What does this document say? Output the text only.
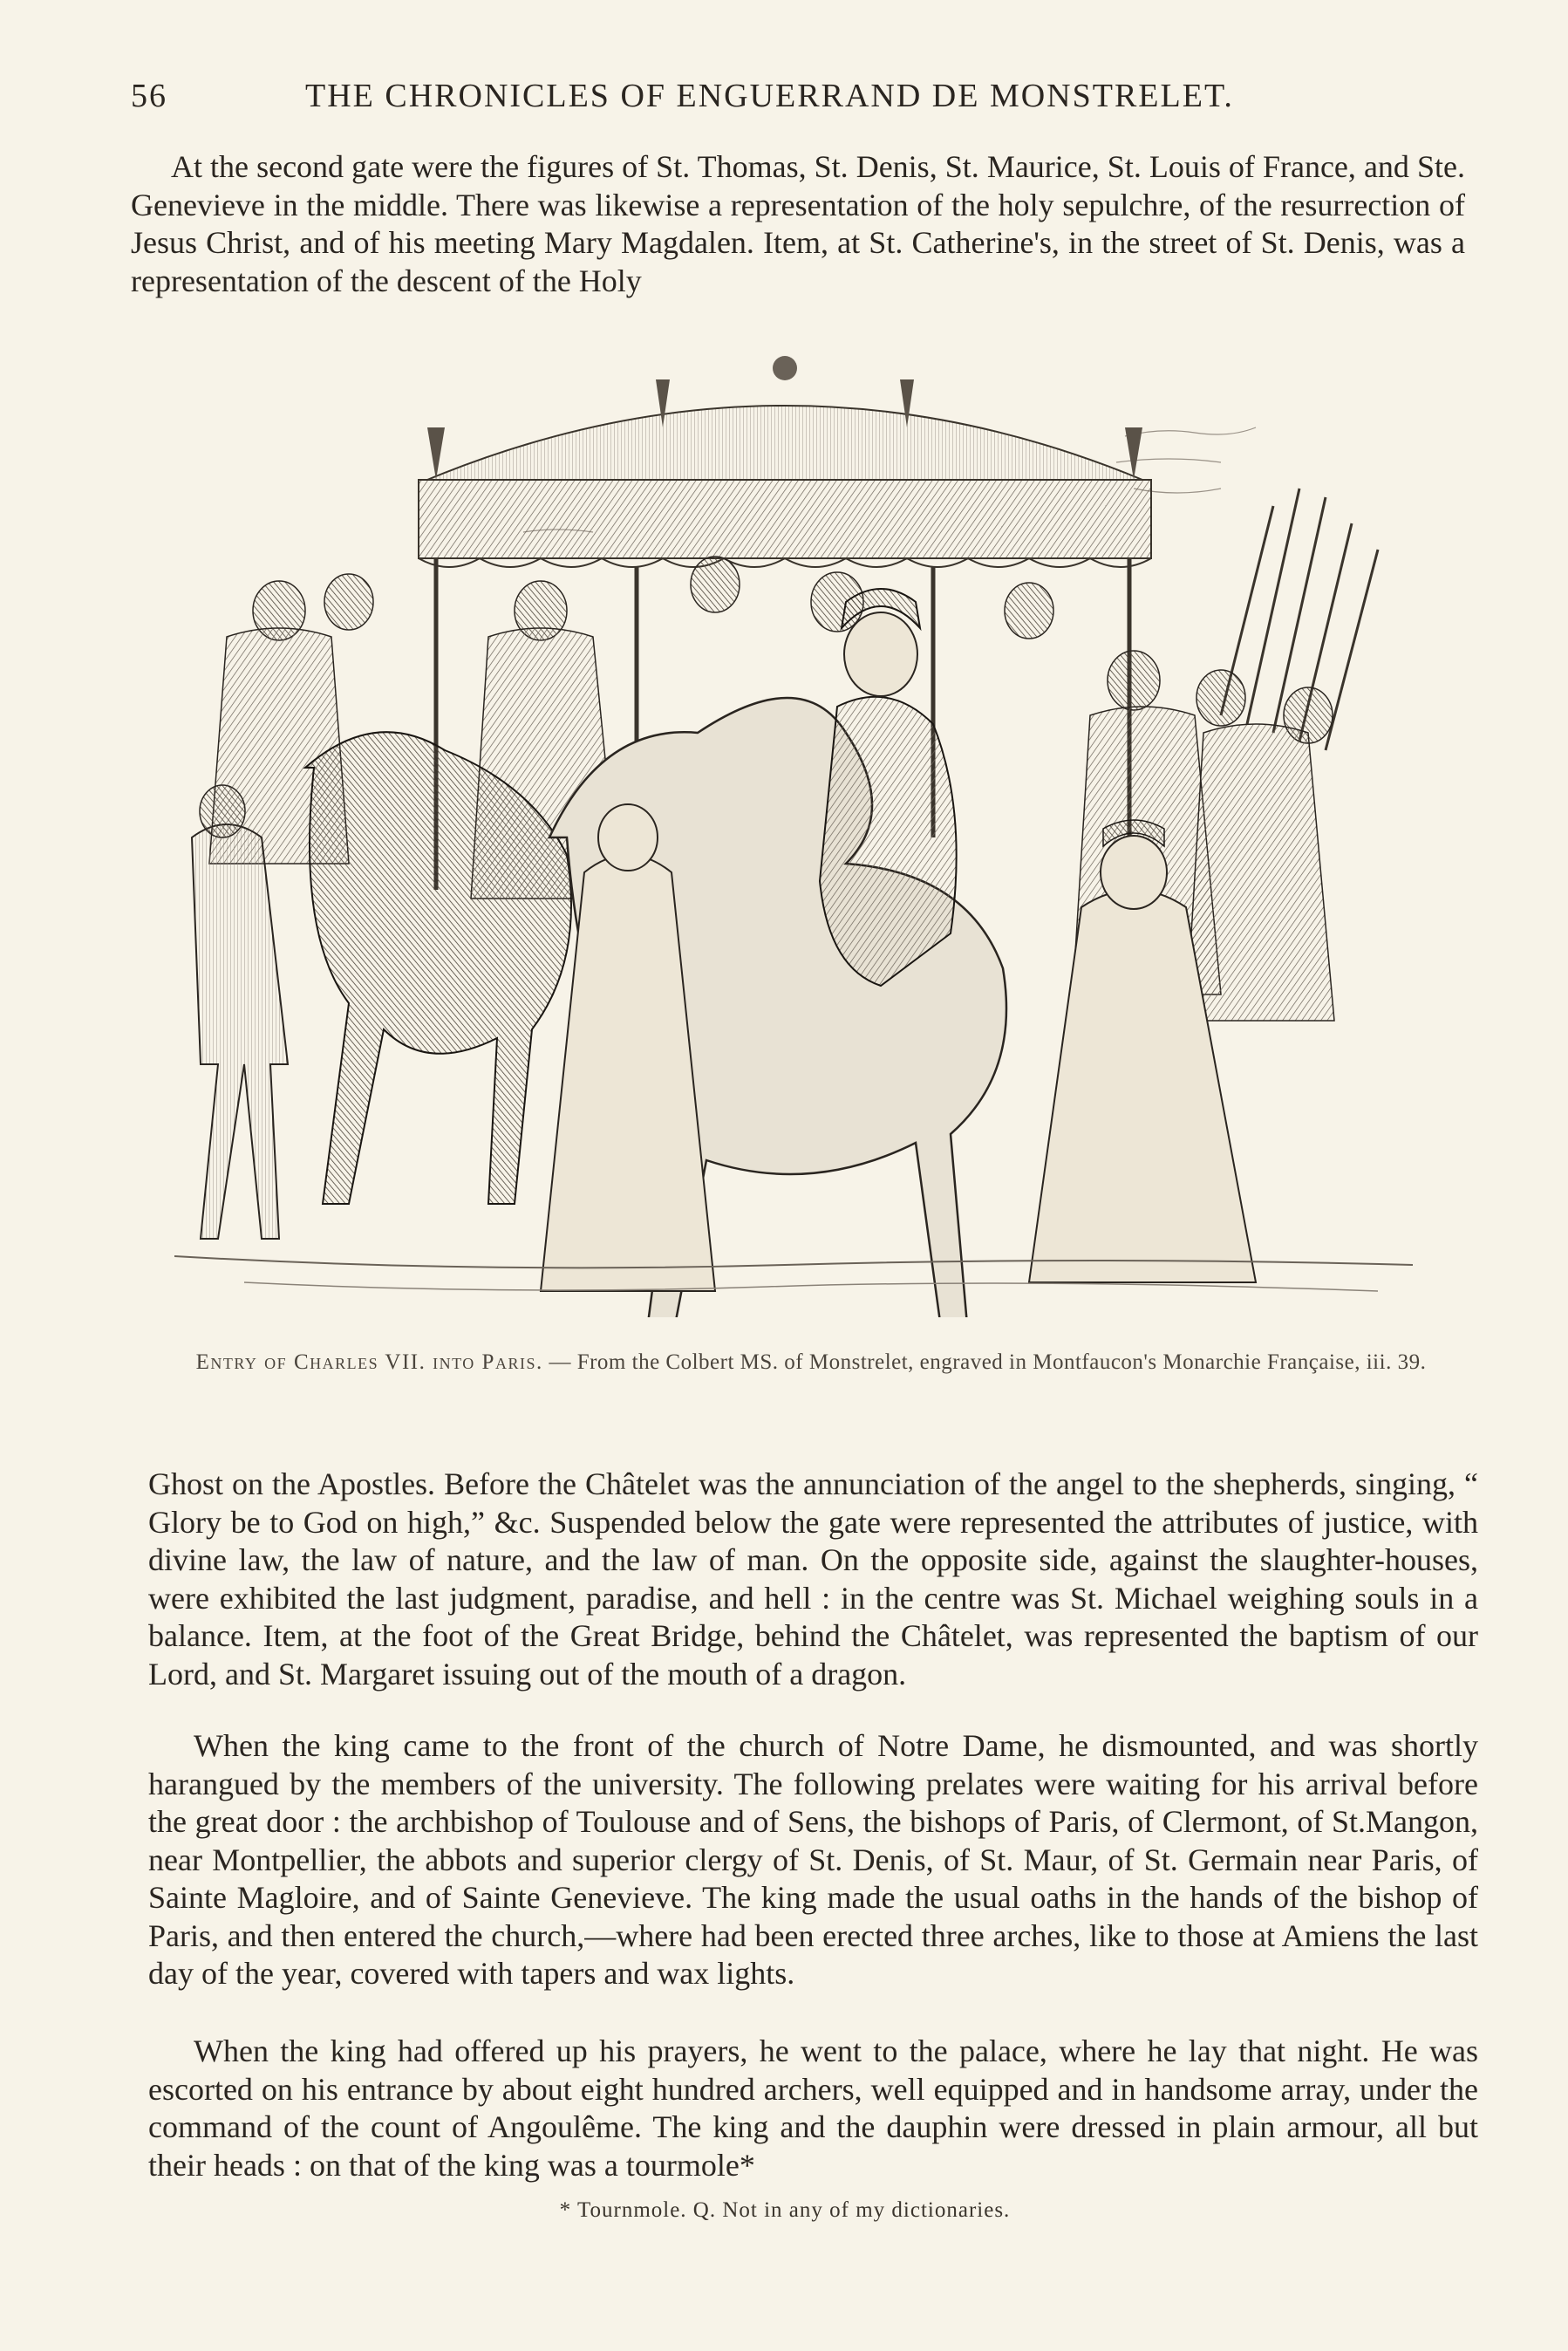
56	THE CHRONICLES OF ENGUERRAND DE MONSTRELET.

At the second gate were the figures of St. Thomas, St. Denis, St. Maurice, St. Louis of France, and Ste. Genevieve in the middle. There was likewise a representation of the holy sepulchre, of the resurrection of Jesus Christ, and of his meeting Mary Magdalen. Item, at St. Catherine's, in the street of St. Denis, was a representation of the descent of the Holy

Entry of Charles VII. into Paris. — From the Colbert MS. of Monstrelet, engraved in Montfaucon's Monarchie Française, iii. 39.

Ghost on the Apostles. Before the Châtelet was the annunciation of the angel to the shepherds, singing, “ Glory be to God on high,” &c. Suspended below the gate were represented the attributes of justice, with divine law, the law of nature, and the law of man. On the opposite side, against the slaughter-houses, were exhibited the last judgment, paradise, and hell : in the centre was St. Michael weighing souls in a balance. Item, at the foot of the Great Bridge, behind the Châtelet, was represented the baptism of our Lord, and St. Margaret issuing out of the mouth of a dragon.

When the king came to the front of the church of Notre Dame, he dismounted, and was shortly harangued by the members of the university. The following prelates were waiting for his arrival before the great door : the archbishop of Toulouse and of Sens, the bishops of Paris, of Clermont, of St.Mangon, near Montpellier, the abbots and superior clergy of St. Denis, of St. Maur, of St. Germain near Paris, of Sainte Magloire, and of Sainte Genevieve. The king made the usual oaths in the hands of the bishop of Paris, and then entered the church,—where had been erected three arches, like to those at Amiens the last day of the year, covered with tapers and wax lights.

When the king had offered up his prayers, he went to the palace, where he lay that night. He was escorted on his entrance by about eight hundred archers, well equipped and in handsome array, under the command of the count of Angoulême. The king and the dauphin were dressed in plain armour, all but their heads : on that of the king was a tourmole*

* Tournmole. Q. Not in any of my dictionaries.
